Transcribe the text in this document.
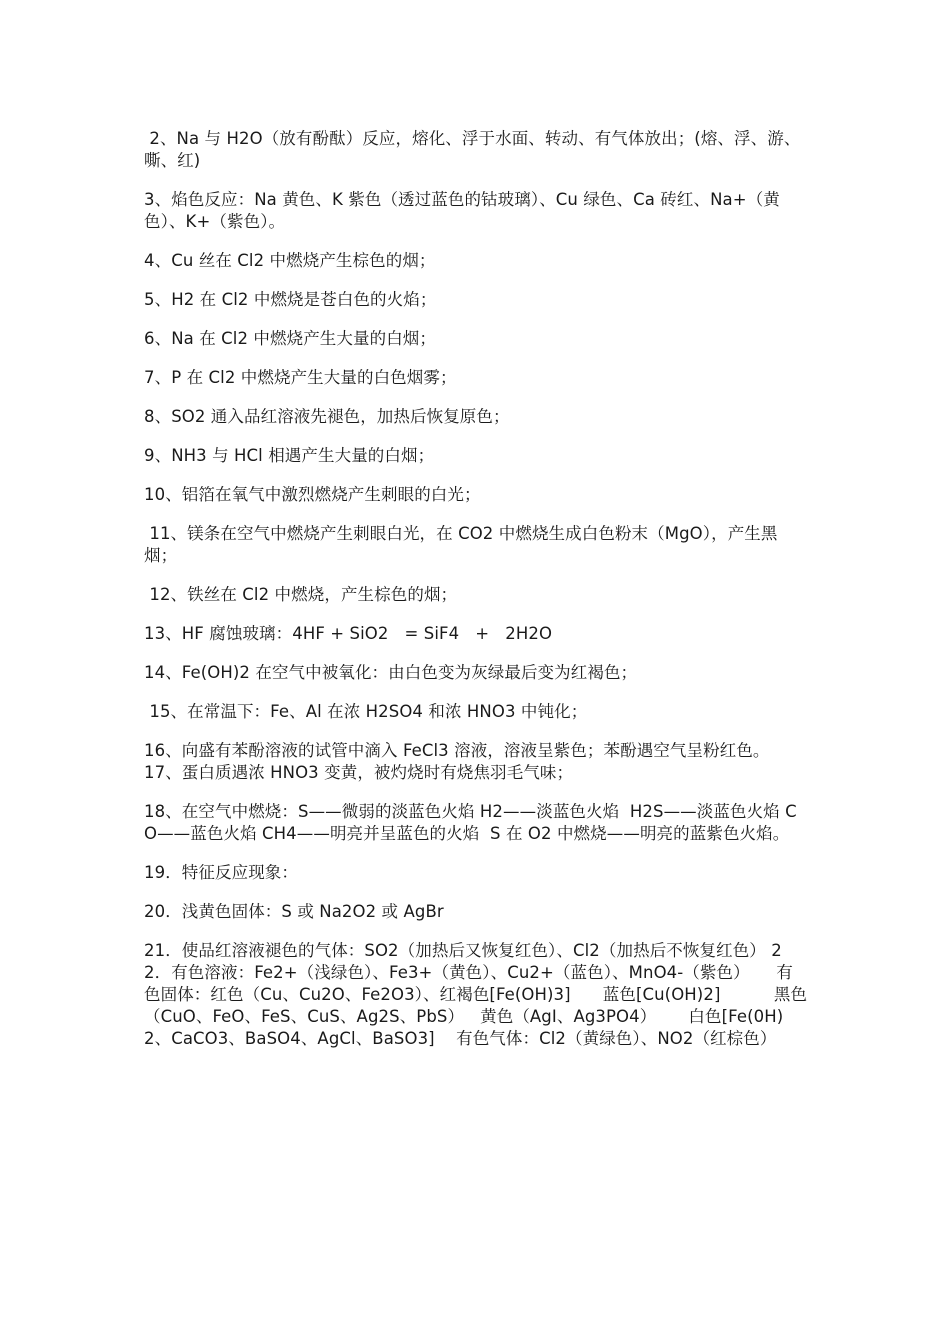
2、Na 与 H2O（放有酚酞）反应，熔化、浮于水面、转动、有气体放出；(熔、浮、游、嘶、红)

3、焰色反应：Na 黄色、K 紫色（透过蓝色的钴玻璃）、Cu 绿色、Ca 砖红、Na+（黄色）、K+（紫色）。

4、Cu 丝在 Cl2 中燃烧产生棕色的烟；

5、H2 在 Cl2 中燃烧是苍白色的火焰；

6、Na 在 Cl2 中燃烧产生大量的白烟；

7、P 在 Cl2 中燃烧产生大量的白色烟雾；

8、SO2 通入品红溶液先褪色，加热后恢复原色；

9、NH3 与 HCl 相遇产生大量的白烟；

10、铝箔在氧气中激烈燃烧产生刺眼的白光；

11、镁条在空气中燃烧产生刺眼白光，在 CO2 中燃烧生成白色粉末（MgO），产生黑烟；

12、铁丝在 Cl2 中燃烧，产生棕色的烟；

13、HF 腐蚀玻璃：4HF + SiO2   = SiF4   +   2H2O

14、Fe(OH)2 在空气中被氧化：由白色变为灰绿最后变为红褐色；

15、在常温下：Fe、Al 在浓 H2SO4 和浓 HNO3 中钝化；

16、向盛有苯酚溶液的试管中滴入 FeCl3 溶液，溶液呈紫色；苯酚遇空气呈粉红色。

17、蛋白质遇浓 HNO3 变黄，被灼烧时有烧焦羽毛气味；

18、在空气中燃烧：S——微弱的淡蓝色火焰 H2——淡蓝色火焰  H2S——淡蓝色火焰 CO——蓝色火焰 CH4——明亮并呈蓝色的火焰  S 在 O2 中燃烧——明亮的蓝紫色火焰。

19．特征反应现象：

20．浅黄色固体：S 或 Na2O2 或 AgBr

21．使品红溶液褪色的气体：SO2（加热后又恢复红色）、Cl2（加热后不恢复红色） 22．有色溶液：Fe2+（浅绿色）、Fe3+（黄色）、Cu2+（蓝色）、MnO4-（紫色）     有色固体：红色（Cu、Cu2O、Fe2O3）、红褐色[Fe(OH)3]      蓝色[Cu(OH)2]          黑色（CuO、FeO、FeS、CuS、Ag2S、PbS）   黄色（AgI、Ag3PO4）      白色[Fe(0H)2、CaCO3、BaSO4、AgCl、BaSO3]    有色气体：Cl2（黄绿色）、NO2（红棕色）
